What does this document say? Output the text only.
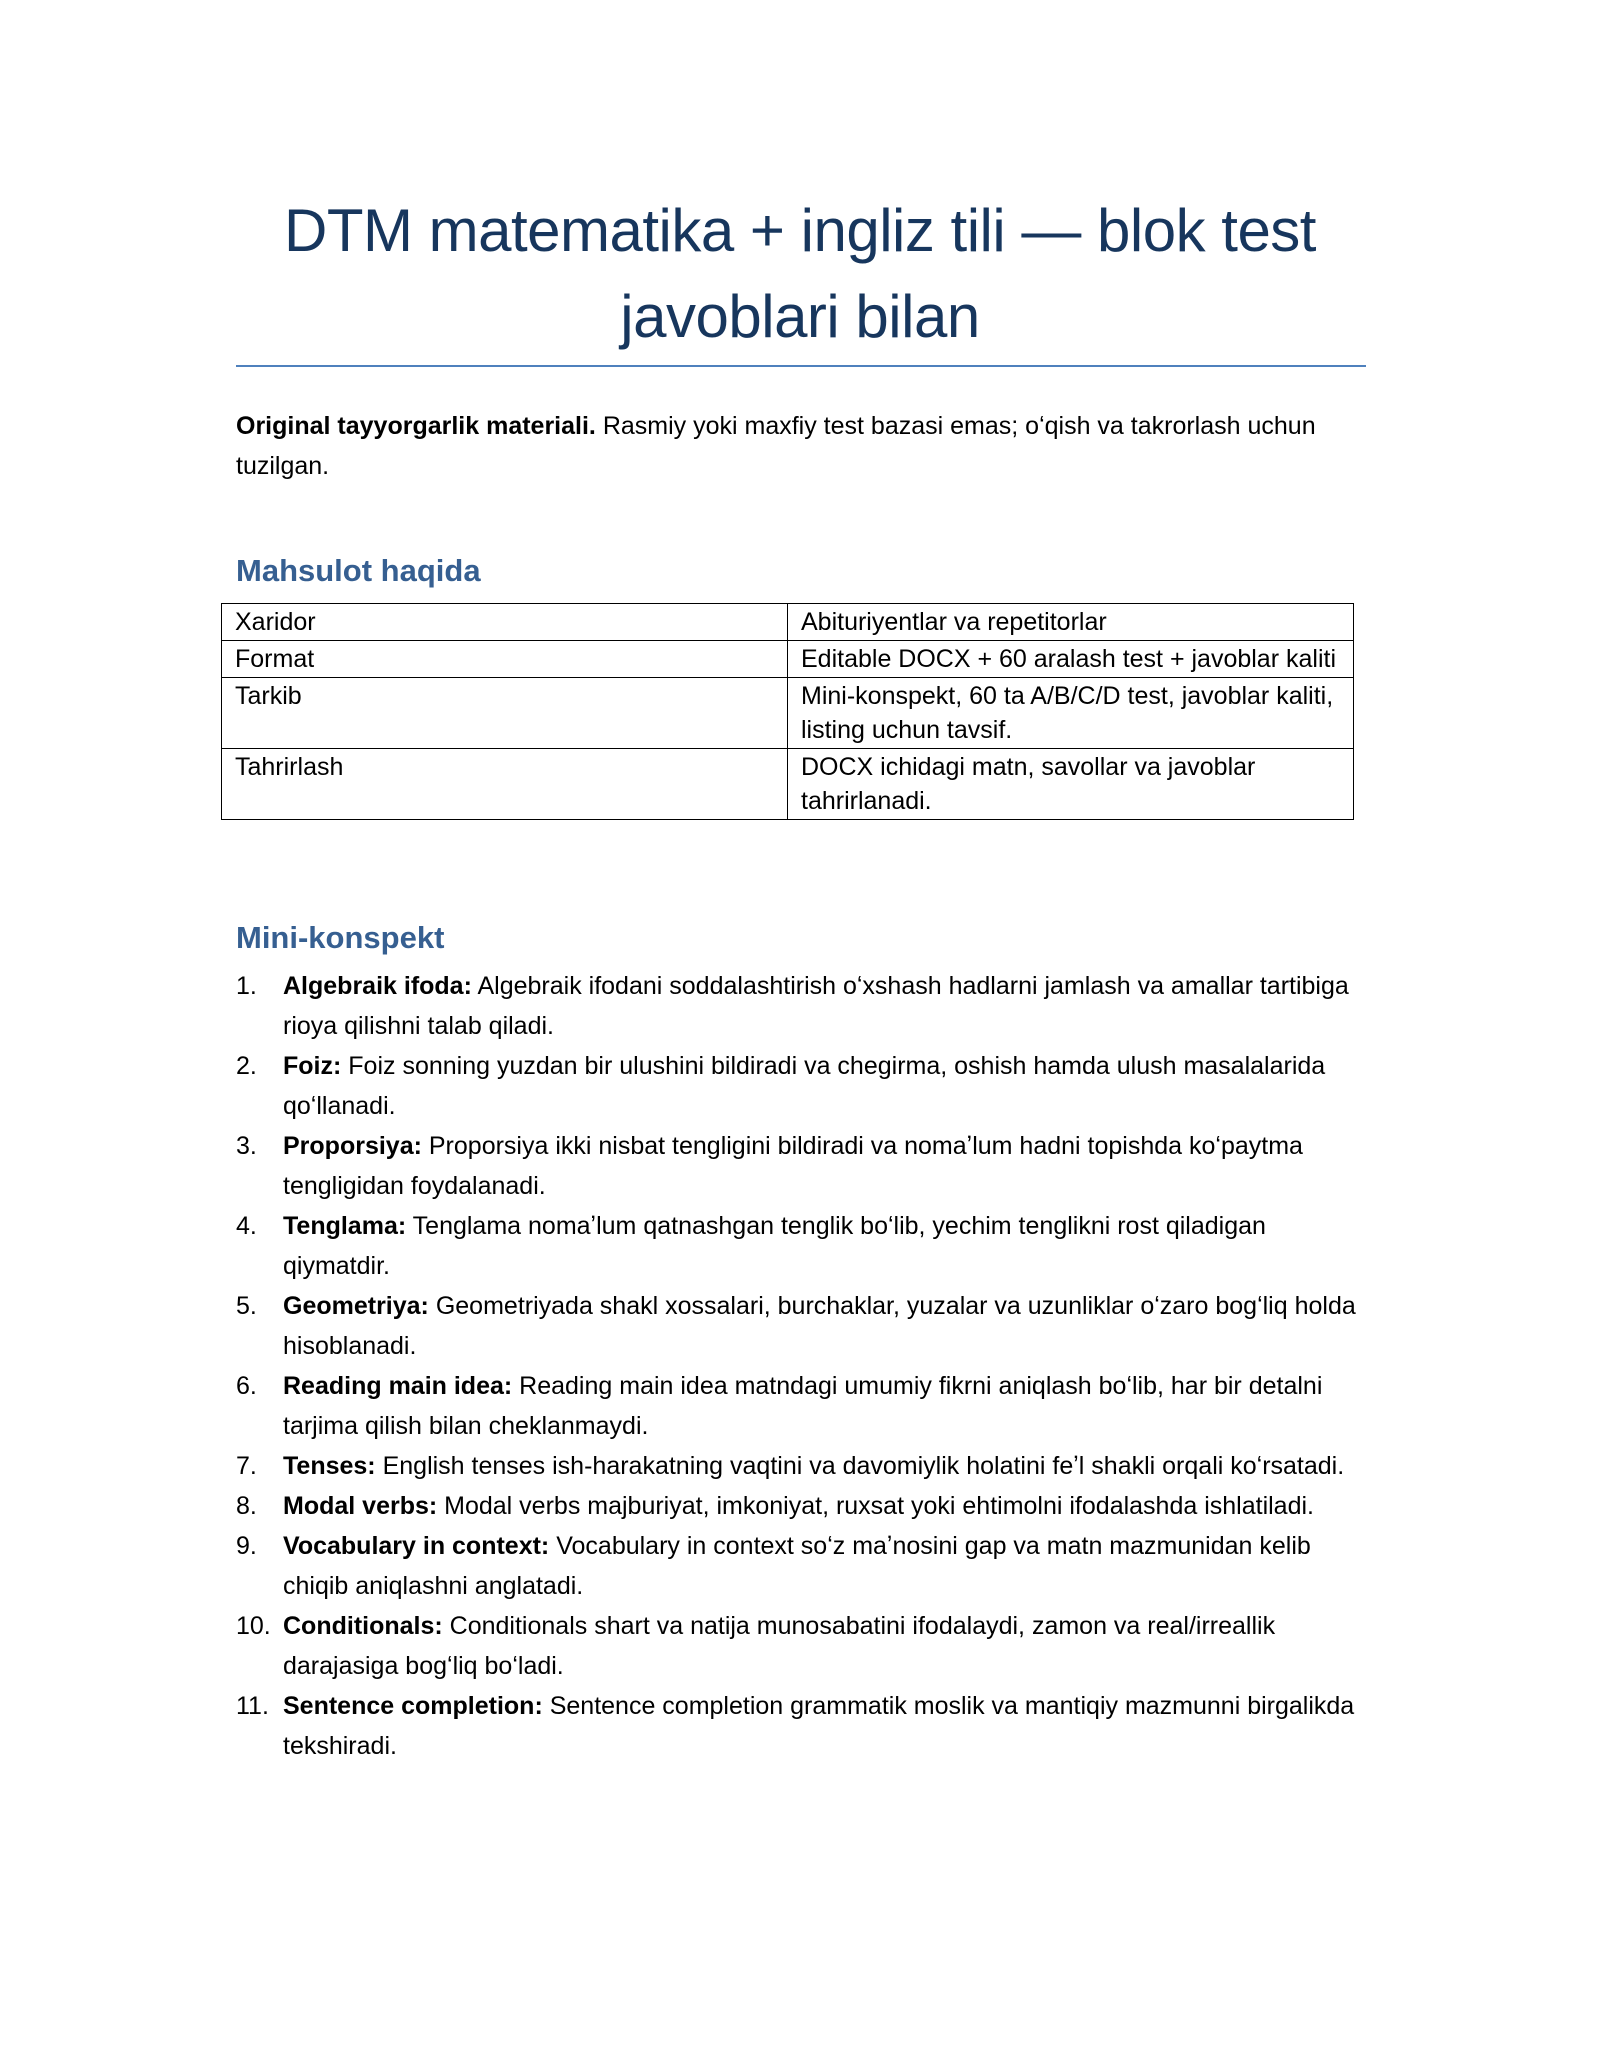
DTM matematika + ingliz tili — blok test javoblari bilan

Original tayyorgarlik materiali. Rasmiy yoki maxfiy test bazasi emas; oʻqish va takrorlash uchun tuzilgan.

Mahsulot haqida
Xaridor	Abituriyentlar va repetitorlar
Format	Editable DOCX + 60 aralash test + javoblar kaliti
Tarkib	Mini-konspekt, 60 ta A/B/C/D test, javoblar kaliti, listing uchun tavsif.
Tahrirlash	DOCX ichidagi matn, savollar va javoblar tahrirlanadi.
Mini-konspekt
1. Algebraik ifoda: Algebraik ifodani soddalashtirish oʻxshash hadlarni jamlash va amallar tartibiga rioya qilishni talab qiladi.
2. Foiz: Foiz sonning yuzdan bir ulushini bildiradi va chegirma, oshish hamda ulush masalalarida qoʻllanadi.
3. Proporsiya: Proporsiya ikki nisbat tengligini bildiradi va nomaʼlum hadni topishda koʻpaytma tengligidan foydalanadi.
4. Tenglama: Tenglama nomaʼlum qatnashgan tenglik boʻlib, yechim tenglikni rost qiladigan qiymatdir.
5. Geometriya: Geometriyada shakl xossalari, burchaklar, yuzalar va uzunliklar oʻzaro bogʻliq holda hisoblanadi.
6. Reading main idea: Reading main idea matndagi umumiy fikrni aniqlash boʻlib, har bir detalni tarjima qilish bilan cheklanmaydi.
7. Tenses: English tenses ish-harakatning vaqtini va davomiylik holatini feʼl shakli orqali koʻrsatadi.
8. Modal verbs: Modal verbs majburiyat, imkoniyat, ruxsat yoki ehtimolni ifodalashda ishlatiladi.
9. Vocabulary in context: Vocabulary in context soʻz maʼnosini gap va matn mazmunidan kelib chiqib aniqlashni anglatadi.
10. Conditionals: Conditionals shart va natija munosabatini ifodalaydi, zamon va real/irreallik darajasiga bogʻliq boʻladi.
11. Sentence completion: Sentence completion grammatik moslik va mantiqiy mazmunni birgalikda tekshiradi.
